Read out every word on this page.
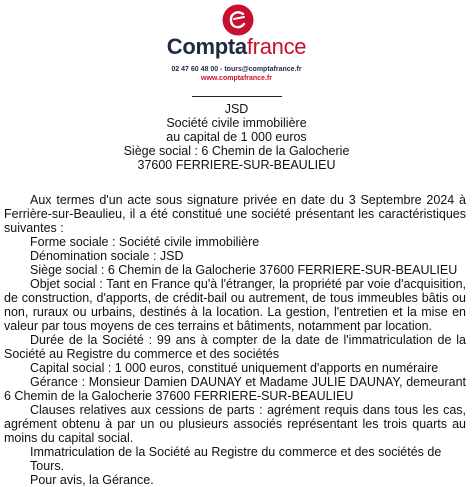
Comptafrance
02 47 60 48 00 - tours@comptafrance.fr
www.comptafrance.fr
JSD
Société civile immobilière
au capital de 1 000 euros
Siège social : 6 Chemin de la Galocherie
37600 FERRIERE-SUR-BEAULIEU

Aux termes d'un acte sous signature privée en date du 3 Septembre 2024 à Ferrière-sur-Beaulieu, il a été constitué une société présentant les caractéristiques suivantes :

Forme sociale : Société civile immobilière

Dénomination sociale : JSD

Siège social : 6 Chemin de la Galocherie 37600 FERRIERE-SUR-BEAULIEU

Objet social : Tant en France qu'à l'étranger, la propriété par voie d'acquisition, de construction, d'apports, de crédit-bail ou autrement, de tous immeubles bâtis ou non, ruraux ou urbains, destinés à la location. La gestion, l'entretien et la mise en valeur par tous moyens de ces terrains et bâtiments, notamment par location.

Durée de la Société : 99 ans à compter de la date de l'immatriculation de la Société au Registre du commerce et des sociétés

Capital social : 1 000 euros, constitué uniquement d'apports en numéraire

Gérance : Monsieur Damien DAUNAY et Madame JULIE DAUNAY, demeurant 6 Chemin de la Galocherie 37600 FERRIERE-SUR-BEAULIEU

Clauses relatives aux cessions de parts : agrément requis dans tous les cas, agrément obtenu à par un ou plusieurs associés représentant les trois quarts au moins du capital social.

Immatriculation de la Société au Registre du commerce et des sociétés de Tours.

Pour avis, la Gérance.
